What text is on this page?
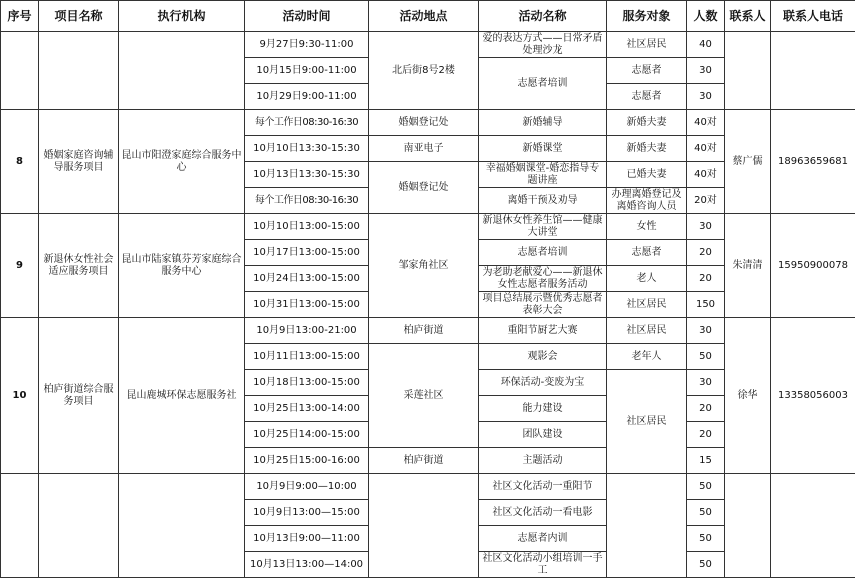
序号	项目名称	执行机构	活动时间	活动地点	活动名称	服务对象	人数	联系人	联系人电话
			9月27日9:30-11:00	北后街8号2楼	爱的表达方式——日常矛盾处理沙龙	社区居民	40		
			10月15日9:00-11:00		志愿者培训	志愿者	30		
			10月29日9:00-11:00			志愿者	30		
8	婚姻家庭咨询辅导服务项目	昆山市阳澄家庭综合服务中心	每个工作日08:30-16:30	婚姻登记处	新婚辅导	新婚夫妻	40对	蔡广儒	18963659681
			10月10日13:30-15:30	南亚电子	新婚课堂	新婚夫妻	40对		
			10月13日13:30-15:30	婚姻登记处	幸福婚姻课堂-婚恋指导专题讲座	已婚夫妻	40对		
			每个工作日08:30-16:30		离婚干预及劝导	办理离婚登记及离婚咨询人员	20对		
9	新退休女性社会适应服务项目	昆山市陆家镇芬芳家庭综合服务中心	10月10日13:00-15:00	邹家角社区	新退休女性养生馆——健康大讲堂	女性	30	朱清清	15950900078
			10月17日13:00-15:00		志愿者培训	志愿者	20		
			10月24日13:00-15:00		为老助老献爱心——新退休女性志愿者服务活动	老人	20		
			10月31日13:00-15:00		项目总结展示暨优秀志愿者表彰大会	社区居民	150		
10	柏庐街道综合服务项目	昆山鹿城环保志愿服务社	10月9日13:00-21:00	柏庐街道	重阳节厨艺大赛	社区居民	30	徐华	13358056003
			10月11日13:00-15:00	采莲社区	观影会	老年人	50		
			10月18日13:00-15:00		环保活动-变废为宝	社区居民	30		
			10月25日13:00-14:00		能力建设		20		
			10月25日14:00-15:00		团队建设		20		
			10月25日15:00-16:00	柏庐街道	主题活动		15		
			10月9日9:00—10:00		社区文化活动一重阳节		50		
			10月9日13:00—15:00		社区文化活动一看电影		50		
			10月13日9:00—11:00		志愿者内训		50		
			10月13日13:00—14:00		社区文化活动小组培训一手工		50		
